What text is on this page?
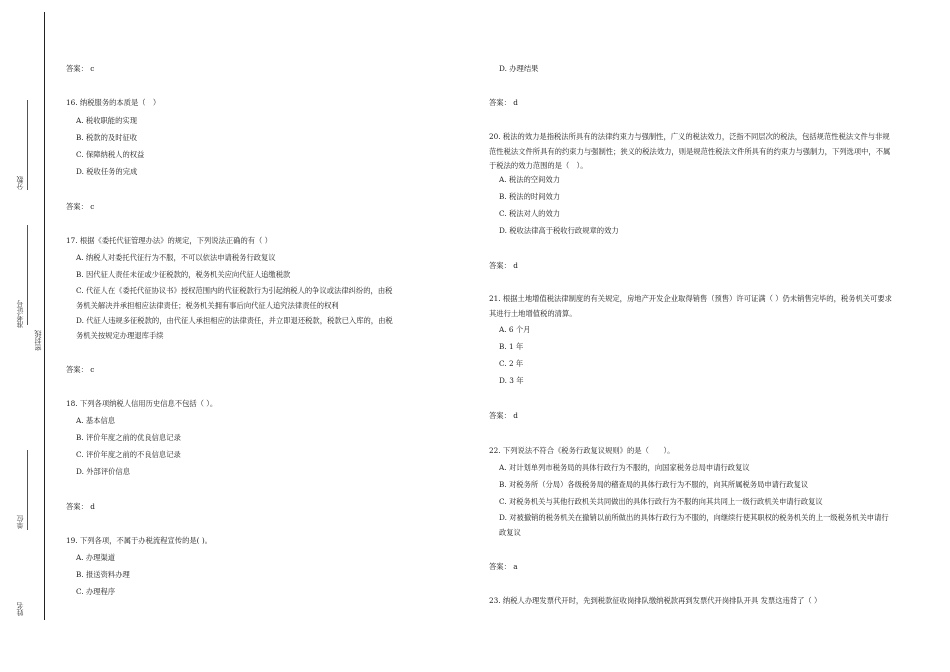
分数
准考证号
密封线
单位
姓名
答案： c
16. 纳税服务的本质是（　）
A. 税收职能的实现
B. 税款的及时征收
C. 保障纳税人的权益
D. 税收任务的完成
答案： c
17. 根据《委托代征管理办法》的规定，下列说法正确的有（ ）
A. 纳税人对委托代征行为不服，不可以依法申请税务行政复议
B. 因代征人责任未征或少征税款的，税务机关应向代征人追缴税款
C. 代征人在《委托代征协议书》授权范围内的代征税款行为引起纳税人的争议或法律纠纷的，由税务机关解决并承担相应法律责任；税务机关拥有事后向代征人追究法律责任的权利
D. 代征人违规多征税款的，由代征人承担相应的法律责任，并立即退还税款，税款已入库的，由税务机关按规定办理退库手续
答案： c
18. 下列各项纳税人信用历史信息不包括（ ）。
A. 基本信息
B. 评价年度之前的优良信息记录
C. 评价年度之前的不良信息记录
D. 外部评价信息
答案： d
19. 下列各项，不属于办税流程宣传的是( )。
A. 办理渠道
B. 报送资料办理
C. 办理程序
D. 办理结果
答案： d
20. 税法的效力是指税法所具有的法律约束力与强制性，广义的税法效力，泛指不同层次的税法，包括规范性税法文件与非规范性税法文件所具有的约束力与强制性；狭义的税法效力，则是规范性税法文件所具有的约束力与强制力，下列选项中，不属于税法的效力范围的是（　）。
A. 税法的空间效力
B. 税法的时间效力
C. 税法对人的效力
D. 税收法律高于税收行政规章的效力
答案： d
21. 根据土地增值税法律制度的有关规定，房地产开发企业取得销售（预售）许可证满（ ）仍未销售完毕的，税务机关可要求其进行土地增值税的清算。
A. 6 个月
B. 1 年
C. 2 年
D. 3 年
答案： d
22. 下列说法不符合《税务行政复议规则》的是（　　）。
A. 对计划单列市税务局的具体行政行为不服的，向国家税务总局申请行政复议
B. 对税务所（分局）各级税务局的稽查局的具体行政行为不服的，向其所属税务局申请行政复议
C. 对税务机关与其他行政机关共同做出的具体行政行为不服的向其共同上一级行政机关申请行政复议
D. 对被撤销的税务机关在撤销以前所做出的具体行政行为不服的，向继续行使其职权的税务机关的上一级税务机关申请行政复议
答案： a
23. 纳税人办理发票代开时，先到税款征收岗排队缴纳税款再到发票代开岗排队开具 发票这违背了（ ）
